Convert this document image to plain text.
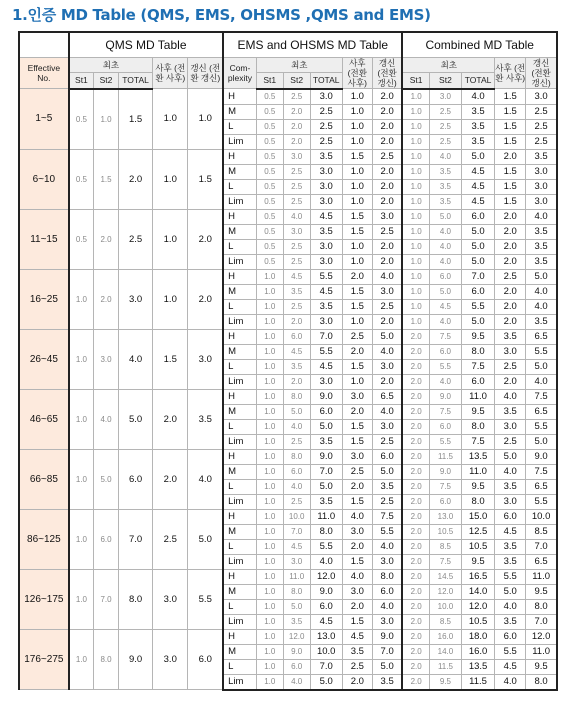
1.인증 MD Table (QMS, EMS, OHSMS ,QMS and EMS)
	QMS MD Table					EMS and OHSMS MD Table						Combined MD Table				
Effective No.	최초			사후 (전환 사후)	갱신 (전환 갱신)	Com-plexity	최초			사후 (전환 사후)	갱신 (전환 갱신)	최초			사후 (전환 사후)	갱신 (전환 갱신)
	St1	St2	TOTAL				St1	St2	TOTAL			St1	St2	TOTAL		
1~5	0.5	1.0	1.5	1.0	1.0	H	0.5	2.5	3.0	1.0	2.0	1.0	3.0	4.0	1.5	3.0
						M	0.5	2.0	2.5	1.0	2.0	1.0	2.5	3.5	1.5	2.5
						L	0.5	2.0	2.5	1.0	2.0	1.0	2.5	3.5	1.5	2.5
						Lim	0.5	2.0	2.5	1.0	2.0	1.0	2.5	3.5	1.5	2.5
6~10	0.5	1.5	2.0	1.0	1.5	H	0.5	3.0	3.5	1.5	2.5	1.0	4.0	5.0	2.0	3.5
						M	0.5	2.5	3.0	1.0	2.0	1.0	3.5	4.5	1.5	3.0
						L	0.5	2.5	3.0	1.0	2.0	1.0	3.5	4.5	1.5	3.0
						Lim	0.5	2.5	3.0	1.0	2.0	1.0	3.5	4.5	1.5	3.0
11~15	0.5	2.0	2.5	1.0	2.0	H	0.5	4.0	4.5	1.5	3.0	1.0	5.0	6.0	2.0	4.0
						M	0.5	3.0	3.5	1.5	2.5	1.0	4.0	5.0	2.0	3.5
						L	0.5	2.5	3.0	1.0	2.0	1.0	4.0	5.0	2.0	3.5
						Lim	0.5	2.5	3.0	1.0	2.0	1.0	4.0	5.0	2.0	3.5
16~25	1.0	2.0	3.0	1.0	2.0	H	1.0	4.5	5.5	2.0	4.0	1.0	6.0	7.0	2.5	5.0
						M	1.0	3.5	4.5	1.5	3.0	1.0	5.0	6.0	2.0	4.0
						L	1.0	2.5	3.5	1.5	2.5	1.0	4.5	5.5	2.0	4.0
						Lim	1.0	2.0	3.0	1.0	2.0	1.0	4.0	5.0	2.0	3.5
26~45	1.0	3.0	4.0	1.5	3.0	H	1.0	6.0	7.0	2.5	5.0	2.0	7.5	9.5	3.5	6.5
						M	1.0	4.5	5.5	2.0	4.0	2.0	6.0	8.0	3.0	5.5
						L	1.0	3.5	4.5	1.5	3.0	2.0	5.5	7.5	2.5	5.0
						Lim	1.0	2.0	3.0	1.0	2.0	2.0	4.0	6.0	2.0	4.0
46~65	1.0	4.0	5.0	2.0	3.5	H	1.0	8.0	9.0	3.0	6.5	2.0	9.0	11.0	4.0	7.5
						M	1.0	5.0	6.0	2.0	4.0	2.0	7.5	9.5	3.5	6.5
						L	1.0	4.0	5.0	1.5	3.0	2.0	6.0	8.0	3.0	5.5
						Lim	1.0	2.5	3.5	1.5	2.5	2.0	5.5	7.5	2.5	5.0
66~85	1.0	5.0	6.0	2.0	4.0	H	1.0	8.0	9.0	3.0	6.0	2.0	11.5	13.5	5.0	9.0
						M	1.0	6.0	7.0	2.5	5.0	2.0	9.0	11.0	4.0	7.5
						L	1.0	4.0	5.0	2.0	3.5	2.0	7.5	9.5	3.5	6.5
						Lim	1.0	2.5	3.5	1.5	2.5	2.0	6.0	8.0	3.0	5.5
86~125	1.0	6.0	7.0	2.5	5.0	H	1.0	10.0	11.0	4.0	7.5	2.0	13.0	15.0	6.0	10.0
						M	1.0	7.0	8.0	3.0	5.5	2.0	10.5	12.5	4.5	8.5
						L	1.0	4.5	5.5	2.0	4.0	2.0	8.5	10.5	3.5	7.0
						Lim	1.0	3.0	4.0	1.5	3.0	2.0	7.5	9.5	3.5	6.5
126~175	1.0	7.0	8.0	3.0	5.5	H	1.0	11.0	12.0	4.0	8.0	2.0	14.5	16.5	5.5	11.0
						M	1.0	8.0	9.0	3.0	6.0	2.0	12.0	14.0	5.0	9.5
						L	1.0	5.0	6.0	2.0	4.0	2.0	10.0	12.0	4.0	8.0
						Lim	1.0	3.5	4.5	1.5	3.0	2.0	8.5	10.5	3.5	7.0
176~275	1.0	8.0	9.0	3.0	6.0	H	1.0	12.0	13.0	4.5	9.0	2.0	16.0	18.0	6.0	12.0
						M	1.0	9.0	10.0	3.5	7.0	2.0	14.0	16.0	5.5	11.0
						L	1.0	6.0	7.0	2.5	5.0	2.0	11.5	13.5	4.5	9.5
						Lim	1.0	4.0	5.0	2.0	3.5	2.0	9.5	11.5	4.0	8.0
